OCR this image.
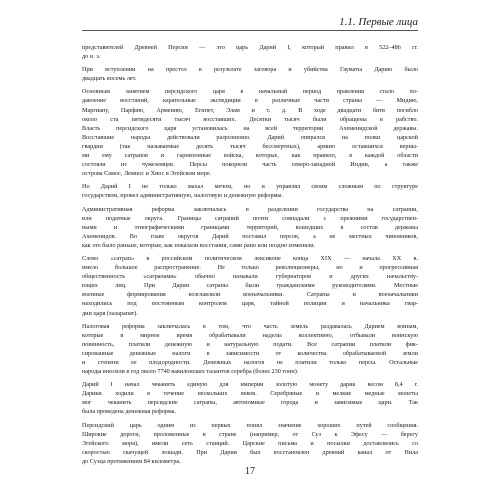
1.1. Первые лица

представителей Древней Персии — это царь Дарий I, который правил в 522–486 гг.
до н. э.

При вступлении на престол в результате заговора и убийства Гауматы Дарию было
двадцать восемь лет.

Основным занятием персидского царя в начальный период правления стало по-
давление восстаний, карательные экспедиции в различные части страны — Мидию,
Маргиану, Парфию, Армению, Египет, Элам и т. д. В ходе двадцати битв погибло
около ста пятидесяти тысяч восставших. Десятки тысяч были обращены в рабство.
Власть персидского царя установилась на всей территории Ахеменидской державы.
Восставшие народы действовали разрозненно. Дарий опирался на полки царской
гвардии (так называемые десять тысяч бессмертных), армию оставшихся верны-
ми ему сатрапов и гарнизонные войска, которые, как правило, в каждой области
состояли из чужеземцев. Персы покорили часть северо-западной Индии, а также
острова Самос, Лемнос и Хиос в Эгейском море.

Но Дарий I не только махал мечом, но и управлял своим сложным по структуре
государством, провел административную, налоговую и денежную реформы.

Административная реформа заключалась в разделении государства на сатрапии,
или податные округа. Границы сатрапий почти совпадали с прежними государствен-
ными и этнографическими границами территорий, вошедших в состав державы
Ахеменидов. Во главе округов Дарий поставил персов, а не местных чиновников,
как это было раньше, которые, как показали восстания, сами рано или поздно изменяли.

Слово «сатрап» в российском политическом лексиконе конца XIX — начала XX в.
имело большое распространение. Не только революционеры, но и прогрессивная
общественность «сатрапами» обычно называли губернаторов и других начальству-
ющих лиц. При Дарии сатрапы были гражданскими руководителями. Местные
военные формирования возглавляли военачальники. Сатрапы и военачальники
находились под постоянным контролем царя, тайной полиции и начальника гвар-
дии царя (хазарапат).

Налоговая реформа заключалась в том, что часть земель раздавалась Дарием воинам,
которые в мирное время обрабатывали наделы коллективно, отбывали воинскую
повинность, платили денежную и натуральную подати. Все сатрапии платили фик-
сированные денежные налоги в зависимости от количества обрабатываемой земли
и степени ее плодородности. Денежных налогов не платили только персы. Остальные
народы вносили в год около 7740 вавилонских талантов серебра (более 230 тонн).

Дарий I начал чеканить единую для империи золотую монету дарик весом 8,4 г.
Дарики ходили в течение нескольких веков. Серебряные и мелкие медные монеты
мог чеканить персидские сатрапы, автономные города и зависимые цари. Так
была проведена денежная реформа.

Персидский царь одним из первых понял значение хороших путей сообщения.
Широкие дороги, проложенные в стране (например, от Суз к Эфесу — берегу
Эгейского моря), имели сеть станций. Царские письма и посылки доставлялись со
скоростью скачущей лошади. При Дарии был восстановлен древний канал от Нила
до Суэца протяжением 84 километра.

17
